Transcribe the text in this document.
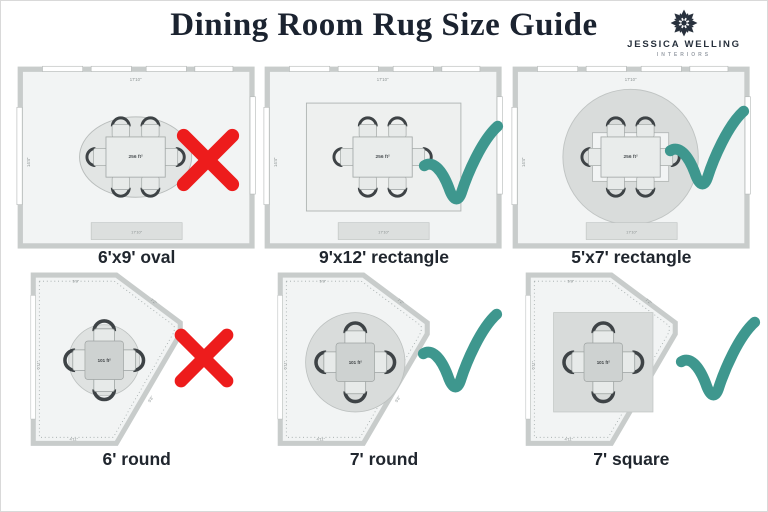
Dining Room Rug Size Guide
JESSICA WELLING
INTERIORS
17'10"
14'4"
256 ft²
17'10"
6'x9' oval
17'10"
14'4"
256 ft²
17'10"
9'x12' rectangle
17'10"
14'4"
256 ft²
17'10"
5'x7' rectangle
5'8"
7'2"
6'11"
4'11"
5'8"
101 ft²
6' round
5'8"
7'2"
6'11"
4'11"
5'8"
101 ft²
7' round
5'8"
7'2"
6'11"
4'11"
101 ft²
7' square
